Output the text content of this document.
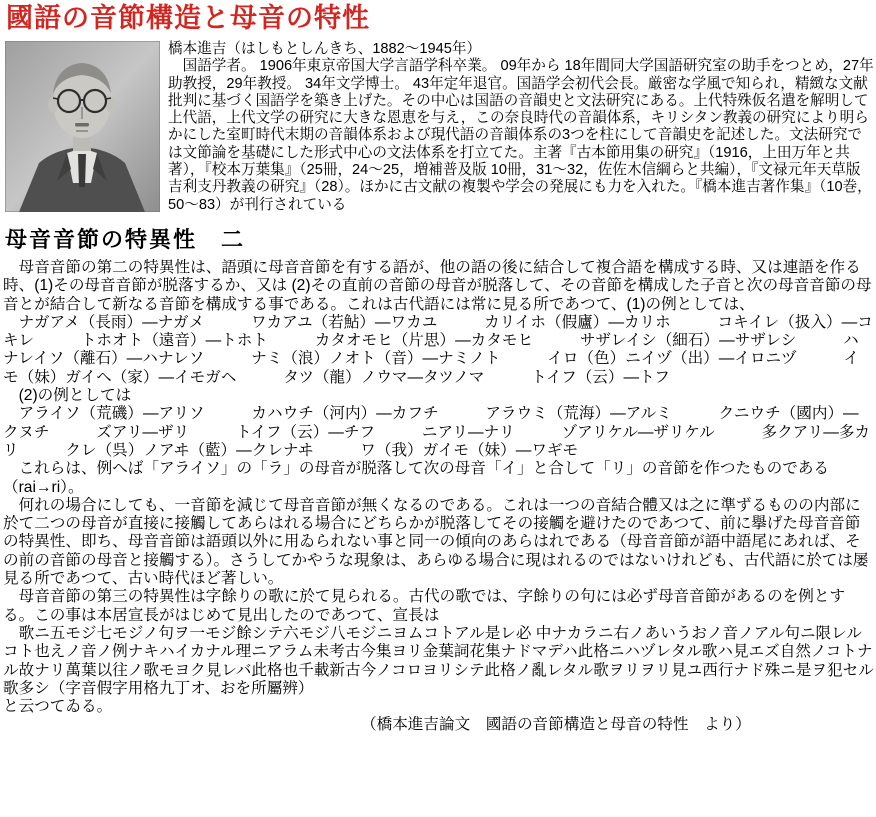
國語の音節構造と母音の特性

橋本進吉（はしもとしんきち、1882～1945年）

　国語学者。 1906年東京帝国大学言語学科卒業。 09年から 18年間同大学国語研究室の助手をつとめ，27年助教授，29年教授。 34年文学博士。 43年定年退官。国語学会初代会長。厳密な学風で知られ，精緻な文献批判に基づく国語学を築き上げた。その中心は国語の音韻史と文法研究にある。上代特殊仮名遣を解明して上代語，上代文学の研究に大きな恩恵を与え，この奈良時代の音韻体系，キリシタン教義の研究により明らかにした室町時代末期の音韻体系および現代語の音韻体系の3つを柱にして音韻史を記述した。文法研究では文節論を基礎にした形式中心の文法体系を打立てた。主著『古本節用集の研究』（1916，上田万年と共著），『校本万葉集』（25冊，24～25，増補普及版 10冊，31～32，佐佐木信綱らと共編），『文禄元年天草版吉利支丹教義の研究』（28）。ほかに古文献の複製や学会の発展にも力を入れた。『橋本進吉著作集』（10巻，50～83）が刊行されている

母音音節の特異性　二

　母音音節の第二の特異性は、語頭に母音音節を有する語が、他の語の後に結合して複合語を構成する時、又は連語を作る時、(1)その母音音節が脱落するか、又は (2)その直前の音節の母音が脱落して、その音節を構成した子音と次の母音音節の母音とが結合して新なる音節を構成する事である。これは古代語には常に見る所であつて、(1)の例としては、

　ナガアメ（長雨）―ナガメ　　　ワカアユ（若鮎）―ワカユ　　　カリイホ（假廬）―カリホ　　　コキイレ（扱入）―コキレ　　　トホオト（遠音）―トホト　　　カタオモヒ（片思）―カタモヒ　　　サザレイシ（細石）―サザレシ　　　ハナレイソ（離石）―ハナレソ　　　ナミ（浪）ノオト（音）―ナミノト　　　イロ（色）ニイヅ（出）―イロニヅ　　　イモ（妹）ガイヘ（家）―イモガヘ　　　タツ（龍）ノウマ―タツノマ　　　トイフ（云）―トフ

　(2)の例としては

　アライソ（荒磯）―アリソ　　　カハウチ（河内）―カフチ　　　アラウミ（荒海）―アルミ　　　クニウチ（國内）―クヌチ　　　ズアリ―ザリ　　　トイフ（云）―チフ　　　ニアリ―ナリ　　　ゾアリケル―ザリケル　　　多クアリ―多カリ　　　クレ（呉）ノアヰ（藍）―クレナヰ　　　ワ（我）ガイモ（妹）―ワギモ

　これらは、例へば「アライソ」の「ラ」の母音が脱落して次の母音「イ」と合して「リ」の音節を作つたものである（rai→ri）。

　何れの場合にしても、一音節を減じて母音音節が無くなるのである。これは一つの音結合體又は之に準ずるものの内部に於て二つの母音が直接に接觸してあらはれる場合にどちらかが脱落してその接觸を避けたのであつて、前に擧げた母音音節の特異性、即ち、母音音節は語頭以外に用ゐられない事と同一の傾向のあらはれである（母音音節が語中語尾にあれば、その前の音節の母音と接觸する）。さうしてかやうな現象は、あらゆる場合に現はれるのではないけれども、古代語に於ては屡見る所であつて、古い時代ほど著しい。

　母音音節の第三の特異性は字餘りの歌に於て見られる。古代の歌では、字餘りの句には必ず母音音節があるのを例とする。この事は本居宣長がはじめて見出したのであつて、宣長は

　歌ニ五モジ七モジノ句ヲ一モジ餘シテ六モジ八モジニヨムコトアル是レ必 中ナカラニ右ノあいうおノ音ノアル句ニ限レルコト也えノ音ノ例ナキハイカナル理ニアラム未考古今集ヨリ金葉詞花集ナドマデハ此格ニハヅレタル歌ハ見エズ自然ノコトナル故ナリ萬葉以往ノ歌モヨク見レバ此格也千載新古今ノコロヨリシテ此格ノ亂レタル歌ヲリヲリ見ユ西行ナド殊ニ是ヲ犯セル歌多シ（字音假字用格九丁オ、おを所屬辨）

と云つてゐる。

（橋本進吉論文　國語の音節構造と母音の特性　より）
